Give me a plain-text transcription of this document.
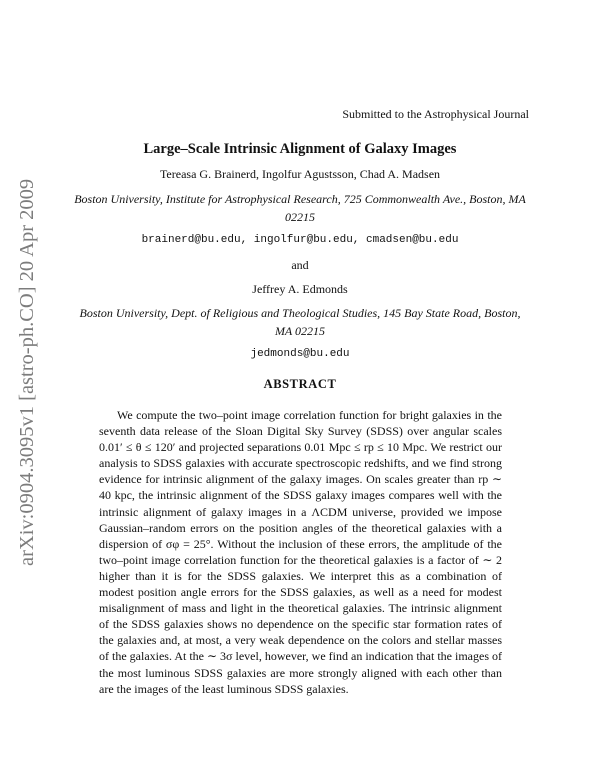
arXiv:0904.3095v1 [astro-ph.CO] 20 Apr 2009
Submitted to the Astrophysical Journal
Large–Scale Intrinsic Alignment of Galaxy Images
Tereasa G. Brainerd, Ingolfur Agustsson, Chad A. Madsen
Boston University, Institute for Astrophysical Research, 725 Commonwealth Ave., Boston, MA 02215
brainerd@bu.edu, ingolfur@bu.edu, cmadsen@bu.edu
and
Jeffrey A. Edmonds
Boston University, Dept. of Religious and Theological Studies, 145 Bay State Road, Boston, MA 02215
jedmonds@bu.edu
ABSTRACT

We compute the two–point image correlation function for bright galaxies in the seventh data release of the Sloan Digital Sky Survey (SDSS) over angular scales 0.01′ ≤ θ ≤ 120′ and projected separations 0.01 Mpc ≤ rp ≤ 10 Mpc. We restrict our analysis to SDSS galaxies with accurate spectroscopic redshifts, and we find strong evidence for intrinsic alignment of the galaxy images. On scales greater than rp ∼ 40 kpc, the intrinsic alignment of the SDSS galaxy images compares well with the intrinsic alignment of galaxy images in a ΛCDM universe, provided we impose Gaussian–random errors on the position angles of the theoretical galaxies with a dispersion of σφ = 25°. Without the inclusion of these errors, the amplitude of the two–point image correlation function for the theoretical galaxies is a factor of ∼ 2 higher than it is for the SDSS galaxies. We interpret this as a combination of modest position angle errors for the SDSS galaxies, as well as a need for modest misalignment of mass and light in the theoretical galaxies. The intrinsic alignment of the SDSS galaxies shows no dependence on the specific star formation rates of the galaxies and, at most, a very weak dependence on the colors and stellar masses of the galaxies. At the ∼ 3σ level, however, we find an indication that the images of the most luminous SDSS galaxies are more strongly aligned with each other than are the images of the least luminous SDSS galaxies.
